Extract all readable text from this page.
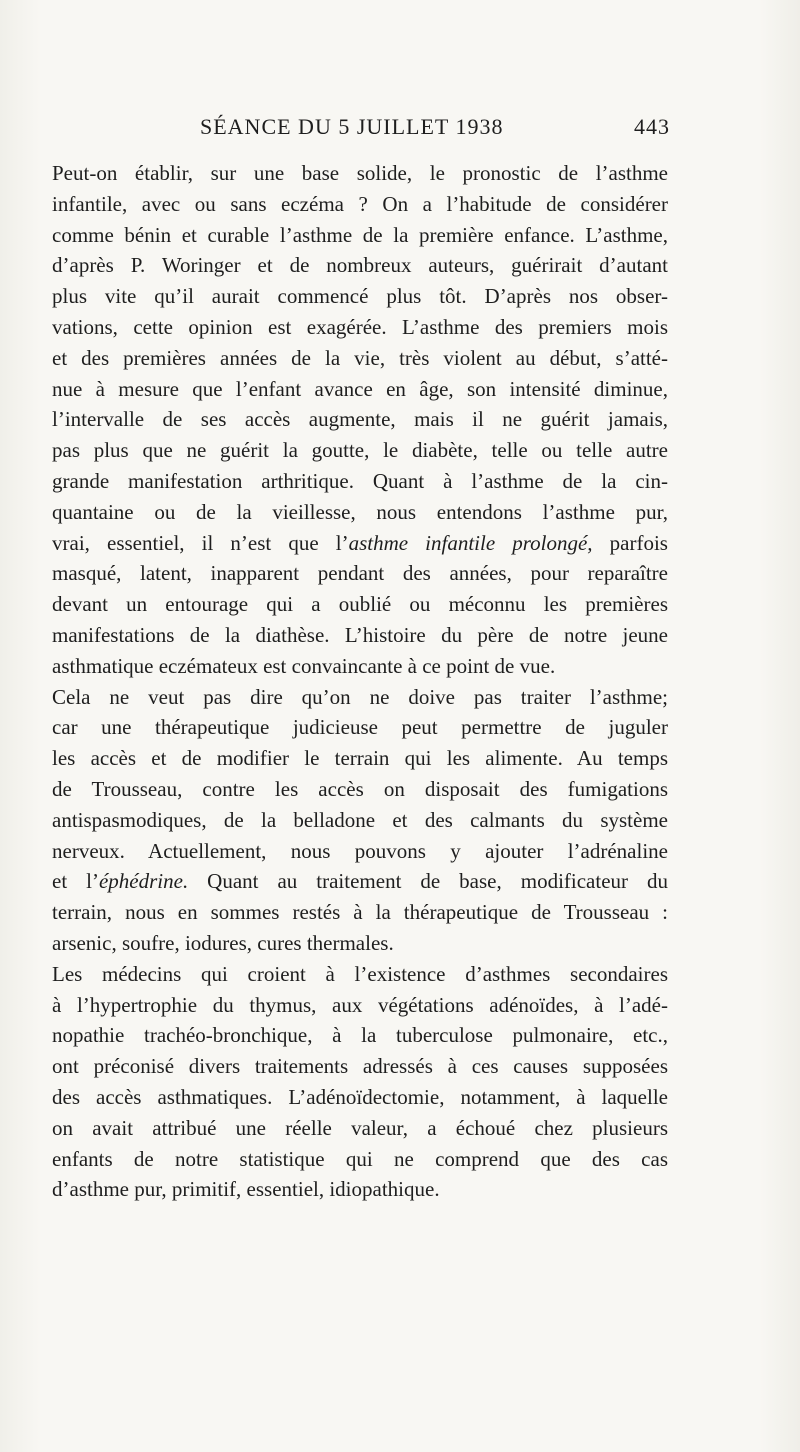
SÉANCE DU 5 JUILLET 1938	443
Peut-on établir, sur une base solide, le pronostic de l’asthme
infantile, avec ou sans eczéma ? On a l’habitude de considérer
comme bénin et curable l’asthme de la première enfance. L’asthme,
d’après P. Woringer et de nombreux auteurs, guérirait d’autant
plus vite qu’il aurait commencé plus tôt. D’après nos obser-
vations, cette opinion est exagérée. L’asthme des premiers mois
et des premières années de la vie, très violent au début, s’atté-
nue à mesure que l’enfant avance en âge, son intensité diminue,
l’intervalle de ses accès augmente, mais il ne guérit jamais,
pas plus que ne guérit la goutte, le diabète, telle ou telle autre
grande manifestation arthritique. Quant à l’asthme de la cin-
quantaine ou de la vieillesse, nous entendons l’asthme pur,
vrai, essentiel, il n’est que l’asthme infantile prolongé, parfois
masqué, latent, inapparent pendant des années, pour reparaître
devant un entourage qui a oublié ou méconnu les premières
manifestations de la diathèse. L’histoire du père de notre jeune
asthmatique eczémateux est convaincante à ce point de vue.
Cela ne veut pas dire qu’on ne doive pas traiter l’asthme;
car une thérapeutique judicieuse peut permettre de juguler
les accès et de modifier le terrain qui les alimente. Au temps
de Trousseau, contre les accès on disposait des fumigations
antispasmodiques, de la belladone et des calmants du système
nerveux. Actuellement, nous pouvons y ajouter l’adrénaline
et l’éphédrine. Quant au traitement de base, modificateur du
terrain, nous en sommes restés à la thérapeutique de Trousseau :
arsenic, soufre, iodures, cures thermales.
Les médecins qui croient à l’existence d’asthmes secondaires
à l’hypertrophie du thymus, aux végétations adénoïdes, à l’adé-
nopathie trachéo-bronchique, à la tuberculose pulmonaire, etc.,
ont préconisé divers traitements adressés à ces causes supposées
des accès asthmatiques. L’adénoïdectomie, notamment, à laquelle
on avait attribué une réelle valeur, a échoué chez plusieurs
enfants de notre statistique qui ne comprend que des cas
d’asthme pur, primitif, essentiel, idiopathique.
